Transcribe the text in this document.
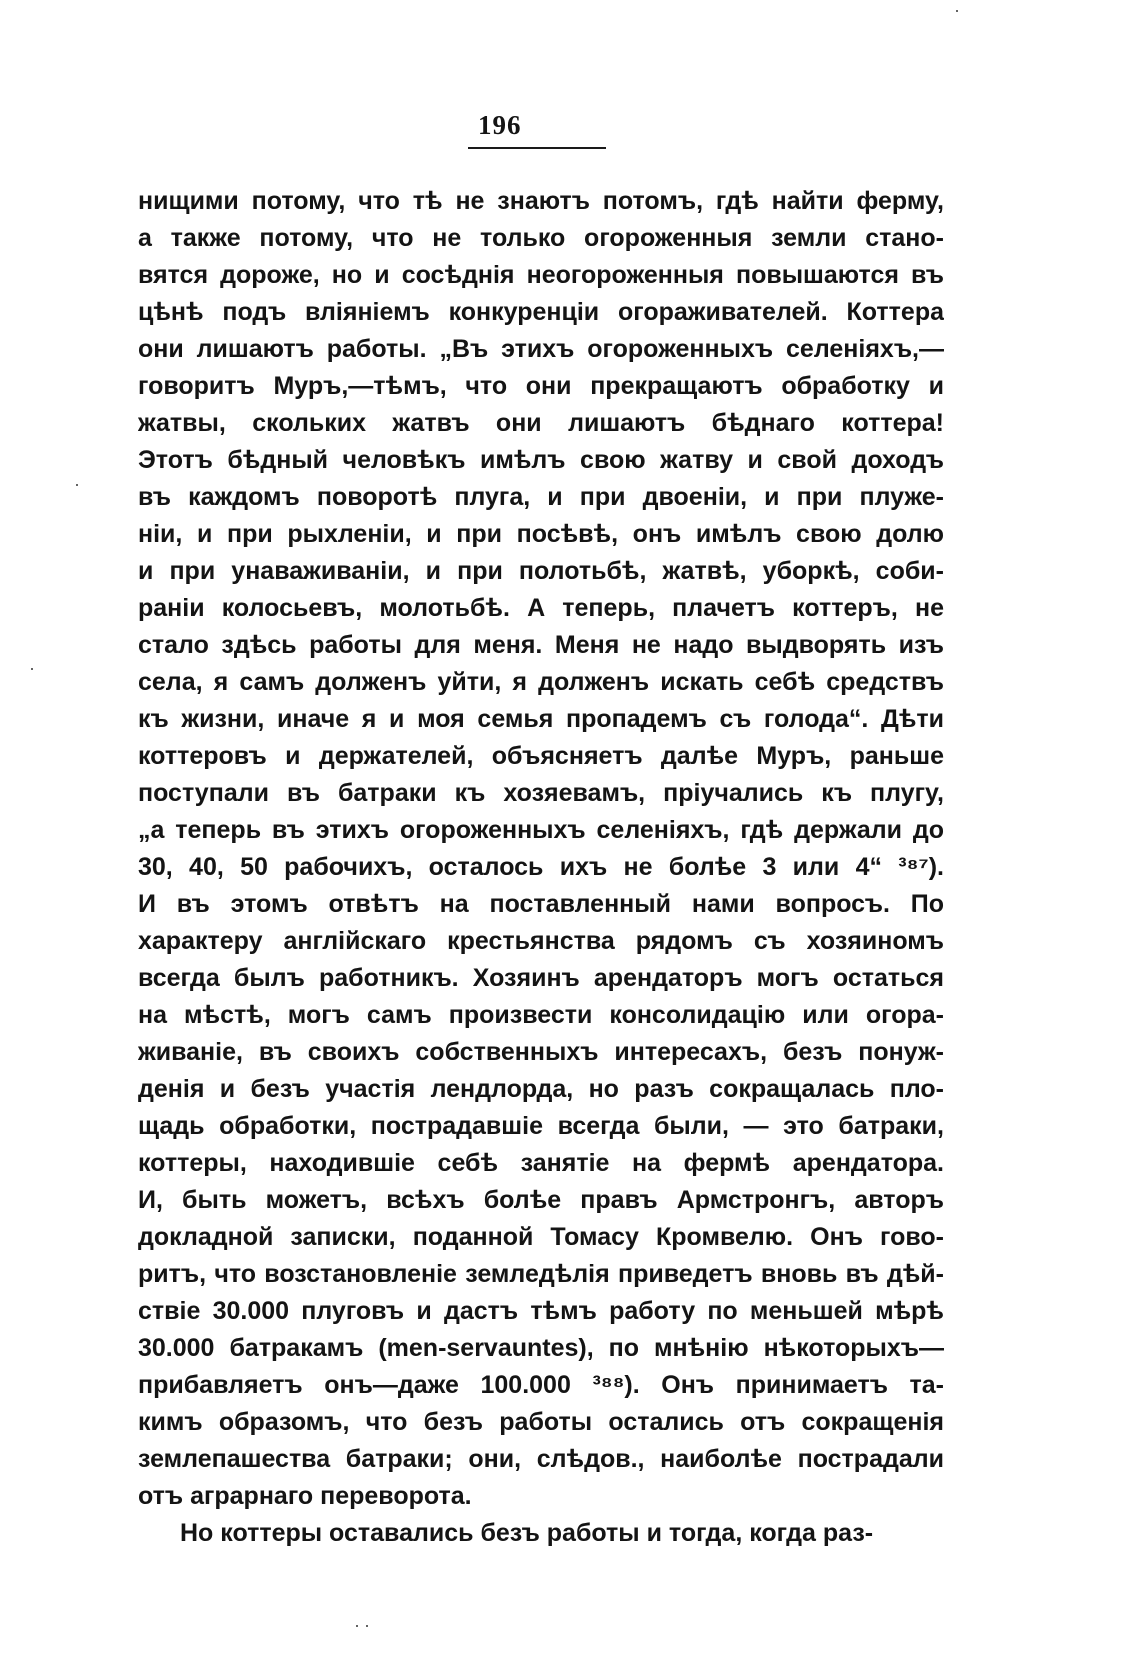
196
нищими потому, что тѣ не знаютъ потомъ, гдѣ найти ферму,
а также потому, что не только огороженныя земли стано-
вятся дороже, но и сосѣднія неогороженныя повышаются въ
цѣнѣ подъ вліяніемъ конкуренціи огораживателей. Коттера
они лишаютъ работы. „Въ этихъ огороженныхъ селеніяхъ,—
говоритъ Муръ,—тѣмъ, что они прекращаютъ обработку и
жатвы, скольких жатвъ они лишаютъ бѣднаго коттера!
Этотъ бѣдный человѣкъ имѣлъ свою жатву и свой доходъ
въ каждомъ поворотѣ плуга, и при двоеніи, и при плуже-
ніи, и при рыхленіи, и при посѣвѣ, онъ имѣлъ свою долю
и при унаваживаніи, и при полотьбѣ, жатвѣ, уборкѣ, соби-
раніи колосьевъ, молотьбѣ. А теперь, плачетъ коттеръ, не
стало здѣсь работы для меня. Меня не надо выдворять изъ
села, я самъ долженъ уйти, я долженъ искать себѣ средствъ
къ жизни, иначе я и моя семья пропадемъ съ голода“. Дѣти
коттеровъ и держателей, объясняетъ далѣе Муръ, раньше
поступали въ батраки къ хозяевамъ, пріучались къ плугу,
„а теперь въ этихъ огороженныхъ селеніяхъ, гдѣ держали до
30, 40, 50 рабочихъ, осталось ихъ не болѣе 3 или 4“ ³⁸⁷).
И въ этомъ отвѣтъ на поставленный нами вопросъ. По
характеру англійскаго крестьянства рядомъ съ хозяиномъ
всегда былъ работникъ. Хозяинъ арендаторъ могъ остаться
на мѣстѣ, могъ самъ произвести консолидацію или огора-
живаніе, въ своихъ собственныхъ интересахъ, безъ понуж-
денія и безъ участія лендлорда, но разъ сокращалась пло-
щадь обработки, пострадавшіе всегда были, — это батраки,
коттеры, находившіе себѣ занятіе на фермѣ арендатора.
И, быть можетъ, всѣхъ болѣе правъ Армстронгъ, авторъ
докладной записки, поданной Томасу Кромвелю. Онъ гово-
ритъ, что возстановленіе земледѣлія приведетъ вновь въ дѣй-
ствіе 30.000 плуговъ и дастъ тѣмъ работу по меньшей мѣрѣ
30.000 батракамъ (men-servauntes), по мнѣнію нѣкоторыхъ—
прибавляетъ онъ—даже 100.000 ³⁸⁸). Онъ принимаетъ та-
кимъ образомъ, что безъ работы остались отъ сокращенія
землепашества батраки; они, слѣдов., наиболѣе пострадали
отъ аграрнаго переворота.
Но коттеры оставались безъ работы и тогда, когда раз-
